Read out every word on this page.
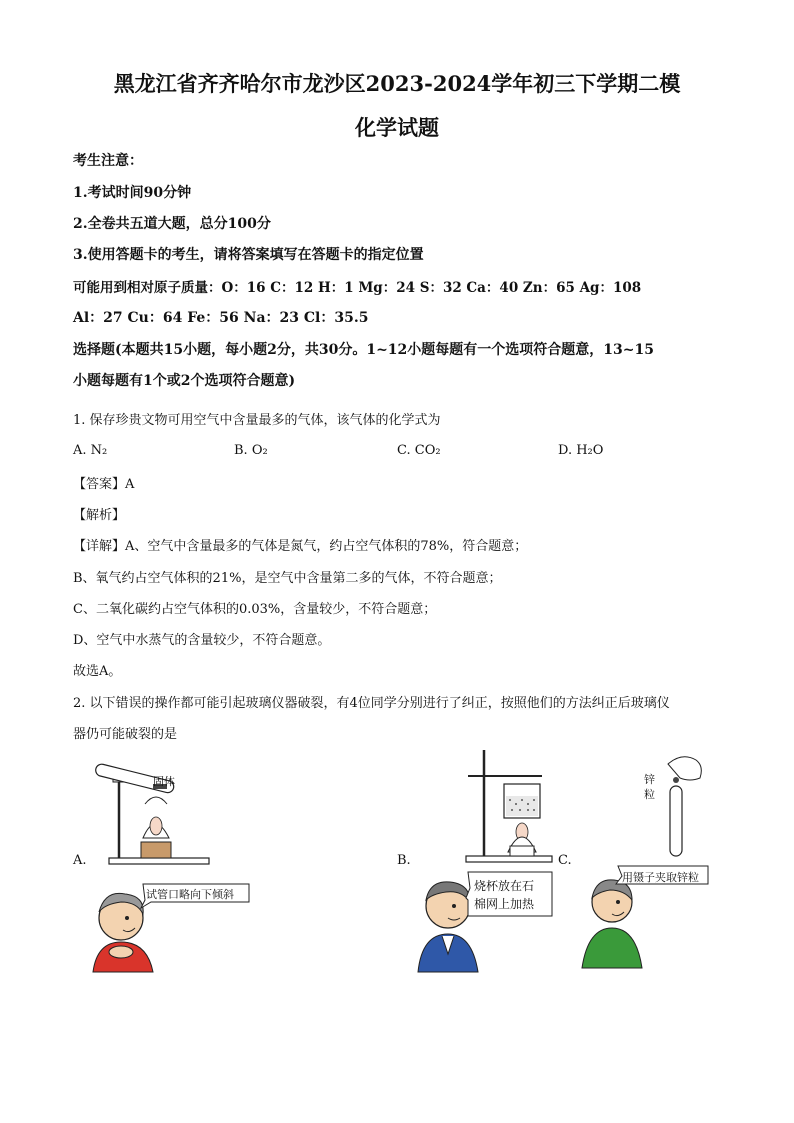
黑龙江省齐齐哈尔市龙沙区2023-2024学年初三下学期二模
化学试题
考生注意：
1.考试时间90分钟
2.全卷共五道大题，总分100分
3.使用答题卡的考生，请将答案填写在答题卡的指定位置
可能用到相对原子质量：O：16 C：12 H：1 Mg：24 S：32 Ca：40 Zn：65 Ag：108
Al：27 Cu：64 Fe：56 Na：23 Cl：35.5
选择题(本题共15小题，每小题2分，共30分。1~12小题每题有一个选项符合题意，13~15
小题每题有1个或2个选项符合题意)
1. 保存珍贵文物可用空气中含量最多的气体，该气体的化学式为
A. N₂	B. O₂	C. CO₂	D. H₂O
【答案】A
【解析】
【详解】A、空气中含量最多的气体是氮气，约占空气体积的78%，符合题意；
B、氧气约占空气体积的21%，是空气中含量第二多的气体，不符合题意；
C、二氧化碳约占空气体积的0.03%，含量较少，不符合题意；
D、空气中水蒸气的含量较少，不符合题意。
故选A。
2. 以下错误的操作都可能引起玻璃仪器破裂，有4位同学分别进行了纠正，按照他们的方法纠正后玻璃仪
器仍可能破裂的是
A.
固体
试管口略向下倾斜
B.
烧杯放在石
棉网上加热
C.
锌
粒
用镊子夹取锌粒
